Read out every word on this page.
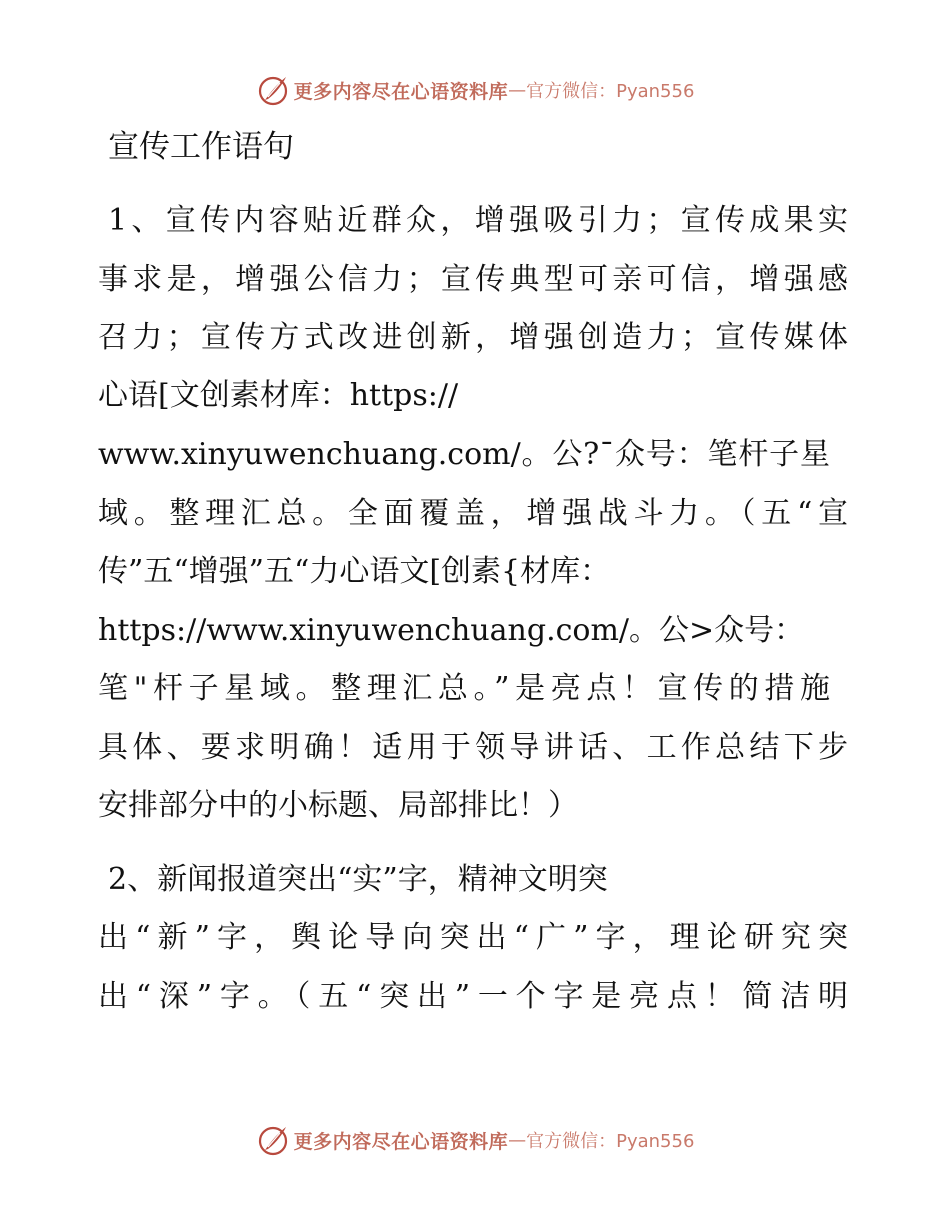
更多内容尽在心语资料库 — 官方微信：Pyan556
宣传工作语句
1、宣传内容贴近群众，增强吸引力；宣传成果实
事求是，增强公信力；宣传典型可亲可信，增强感
召力；宣传方式改进创新，增强创造力；宣传媒体
心语[文创素材库：https://
www.xinyuwenchuang.com/。公?¯众号：笔杆子星
域。整理汇总。全面覆盖，增强战斗力。（五“宣
传”五“增强”五“力心语文[创素{材库：
https://www.xinyuwenchuang.com/。公>众号：
笔"杆子星域。整理汇总。”是亮点！宣传的措施
具体、要求明确！适用于领导讲话、工作总结下步
安排部分中的小标题、局部排比！）
2、新闻报道突出“实”字，精神文明突
出“新”字，舆论导向突出“广”字，理论研究突
出“深”字。（五“突出”一个字是亮点！简洁明
更多内容尽在心语资料库 — 官方微信：Pyan556
